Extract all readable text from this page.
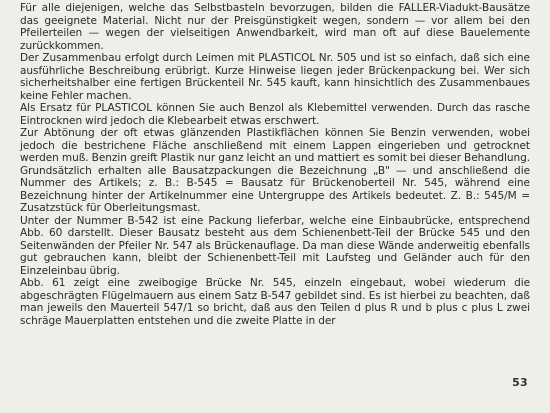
Für alle diejenigen, welche das Selbstbasteln bevorzugen, bilden die FALLER-Viadukt-Bausätze das geeignete Material. Nicht nur der Preisgünstigkeit wegen, sondern — vor allem bei den Pfeilerteilen — wegen der vielseitigen Anwendbarkeit, wird man oft auf diese Bauelemente zurückkommen.

Der Zusammenbau erfolgt durch Leimen mit PLASTICOL Nr. 505 und ist so einfach, daß sich eine ausführliche Beschreibung erübrigt. Kurze Hinweise liegen jeder Brückenpackung bei. Wer sich sicherheitshalber eine fertigen Brückenteil Nr. 545 kauft, kann hinsichtlich des Zusammenbaues keine Fehler machen.

Als Ersatz für PLASTICOL können Sie auch Benzol als Klebemittel verwenden. Durch das rasche Eintrocknen wird jedoch die Klebearbeit etwas erschwert.

Zur Abtönung der oft etwas glänzenden Plastikflächen können Sie Benzin verwenden, wobei jedoch die bestrichene Fläche anschließend mit einem Lappen eingerieben und getrocknet werden muß. Benzin greift Plastik nur ganz leicht an und mattiert es somit bei dieser Behandlung.

Grundsätzlich erhalten alle Bausatzpackungen die Bezeichnung „B" — und anschließend die Nummer des Artikels; z. B.: B-545 = Bausatz für Brückenoberteil Nr. 545, während eine Bezeichnung hinter der Artikelnummer eine Untergruppe des Artikels bedeutet. Z. B.: 545/M = Zusatzstück für Oberleitungsmast.

Unter der Nummer B-542 ist eine Packung lieferbar, welche eine Einbaubrücke, entsprechend Abb. 60 darstellt. Dieser Bausatz besteht aus dem Schienenbett-Teil der Brücke 545 und den Seitenwänden der Pfeiler Nr. 547 als Brückenauflage. Da man diese Wände anderweitig ebenfalls gut gebrauchen kann, bleibt der Schienenbett-Teil mit Laufsteg und Geländer auch für den Einzeleinbau übrig.

Abb. 61 zeigt eine zweibogige Brücke Nr. 545, einzeln eingebaut, wobei wiederum die abgeschrägten Flügelmauern aus einem Satz B-547 gebildet sind. Es ist hierbei zu beachten, daß man jeweils den Mauerteil 547/1 so bricht, daß aus den Teilen d plus R und b plus c plus L zwei schräge Mauerplatten entstehen und die zweite Platte in der

53
